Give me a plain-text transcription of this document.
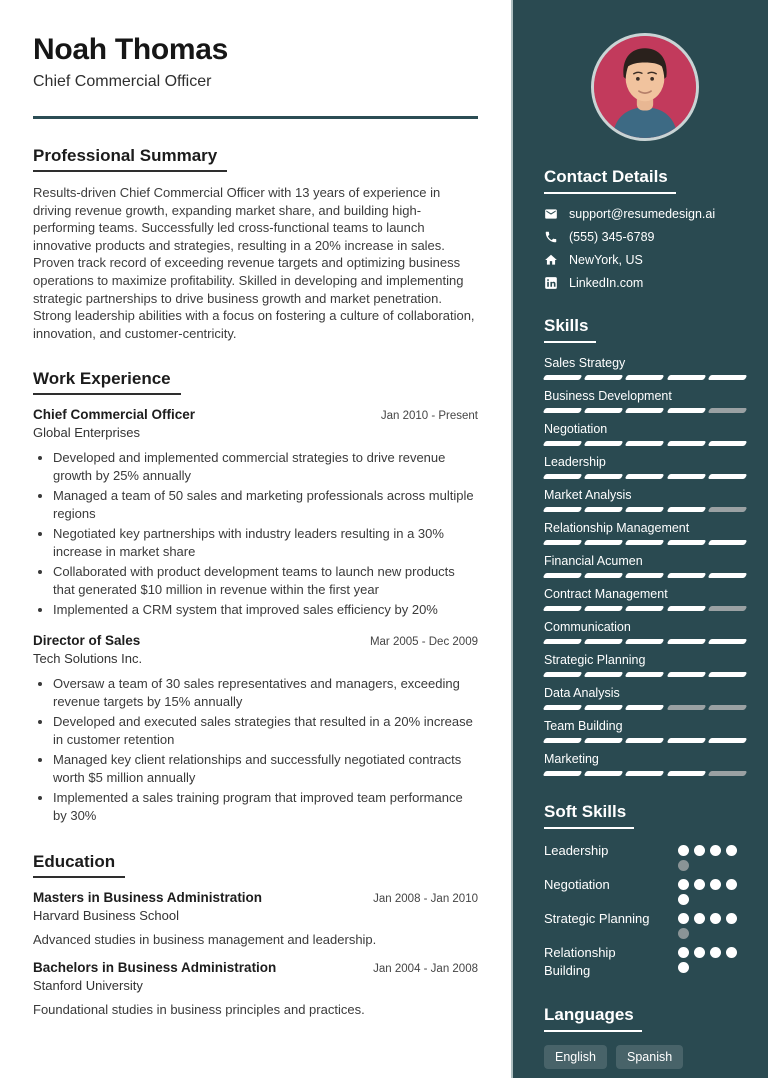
Noah Thomas
Chief Commercial Officer
Professional Summary

Results-driven Chief Commercial Officer with 13 years of experience in driving revenue growth, expanding market share, and building high-performing teams. Successfully led cross-functional teams to launch innovative products and strategies, resulting in a 20% increase in sales. Proven track record of exceeding revenue targets and optimizing business operations to maximize profitability. Skilled in developing and implementing strategic partnerships to drive business growth and market penetration. Strong leadership abilities with a focus on fostering a culture of collaboration, innovation, and customer-centricity.

Work Experience
Chief Commercial Officer	Jan 2010 - Present
Global Enterprises
• Developed and implemented commercial strategies to drive revenue growth by 25% annually
• Managed a team of 50 sales and marketing professionals across multiple regions
• Negotiated key partnerships with industry leaders resulting in a 30% increase in market share
• Collaborated with product development teams to launch new products that generated $10 million in revenue within the first year
• Implemented a CRM system that improved sales efficiency by 20%
Director of Sales	Mar 2005 - Dec 2009
Tech Solutions Inc.
• Oversaw a team of 30 sales representatives and managers, exceeding revenue targets by 15% annually
• Developed and executed sales strategies that resulted in a 20% increase in customer retention
• Managed key client relationships and successfully negotiated contracts worth $5 million annually
• Implemented a sales training program that improved team performance by 30%
Education
Masters in Business Administration	Jan 2008 - Jan 2010
Harvard Business School
Advanced studies in business management and leadership.
Bachelors in Business Administration	Jan 2004 - Jan 2008
Stanford University
Foundational studies in business principles and practices.
Contact Details
support@resumedesign.ai
(555) 345-6789
NewYork, US
LinkedIn.com
Skills
Sales Strategy
Business Development
Negotiation
Leadership
Market Analysis
Relationship Management
Financial Acumen
Contract Management
Communication
Strategic Planning
Data Analysis
Team Building
Marketing
Soft Skills
Leadership
Negotiation
Strategic Planning
Relationship Building
Languages
English	Spanish
